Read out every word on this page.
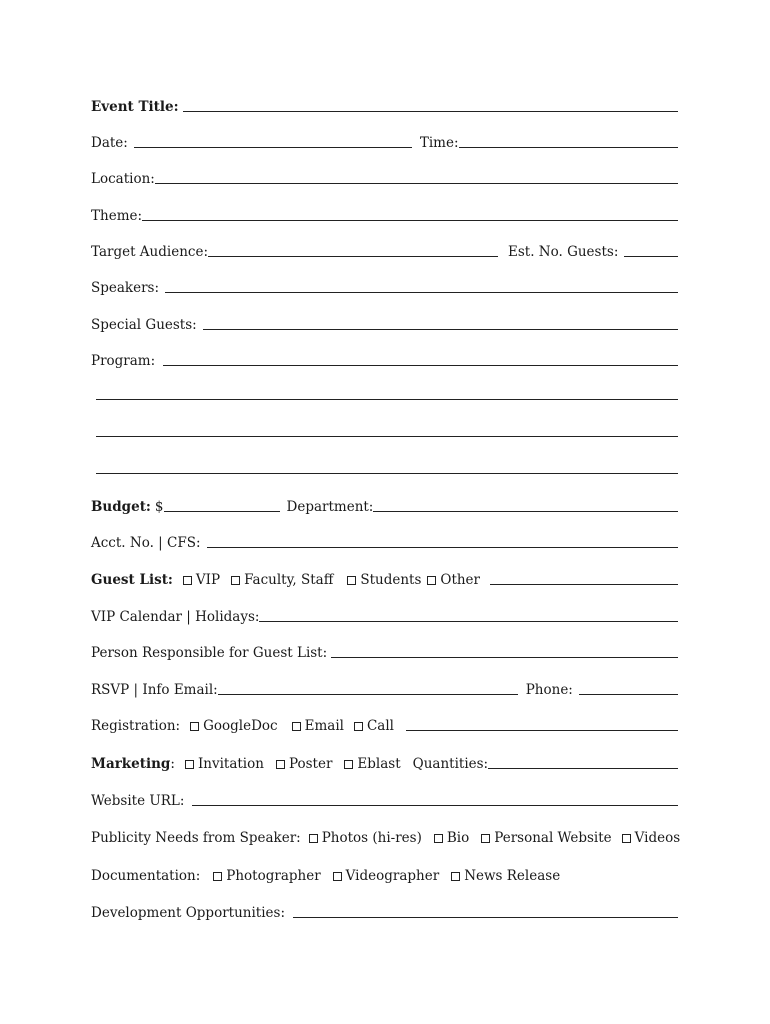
Event Title:
Date:	Time:
Location:
Theme:
Target Audience:	Est. No. Guests:
Speakers:
Special Guests:
Program:
Budget: $	Department:
Acct. No. | CFS:
Guest List: VIP Faculty, Staff Students Other
VIP Calendar | Holidays:
Person Responsible for Guest List:
RSVP | Info Email:	Phone:
Registration: GoogleDoc Email Call
Marketing : Invitation Poster Eblast Quantities:
Website URL:
Publicity Needs from Speaker: Photos (hi-res) Bio Personal Website Videos
Documentation: Photographer Videographer News Release
Development Opportunities:
